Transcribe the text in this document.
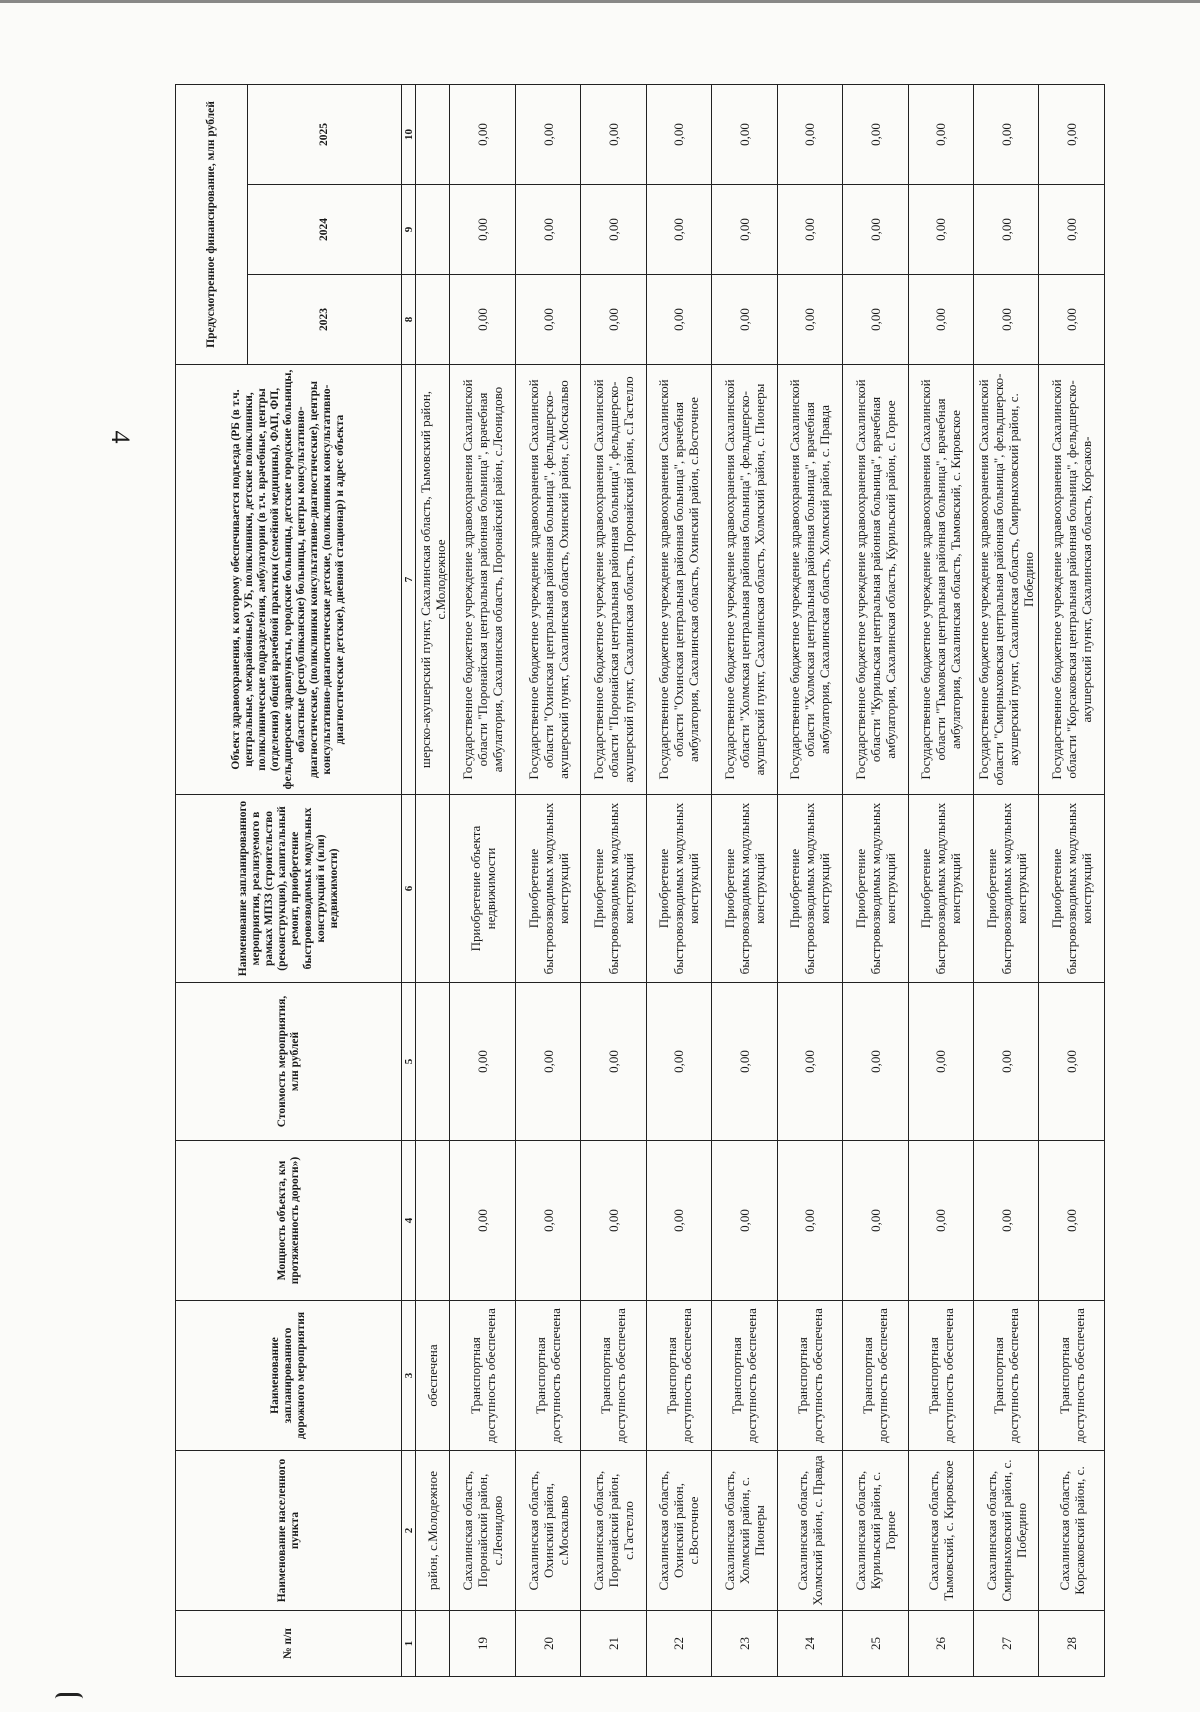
4
№ п/п	Наименование населенного пункта	Наименование запланированного дорожного мероприятия	Мощность объекта, км протяженность дороги»)	Стоимость мероприятия, млн рублей	Наименование запланированного мероприятия, реализуемого в рамках МПЗЗ (строительство (реконструкция), капитальный ремонт, приобретение быстровозводимых модульных конструкций и (или) недвижимости)	Объект здравоохранения, к которому обеспечивается подъезда (РБ (в т.ч. центральные, межрайонные), УБ, поликлиники, детские поликлиники, поликлинические подразделения, амбулатории (в т.ч. врачебные, центры (отделения) общей врачебной практики (семейной медицины), ФАП, ФП, фельдшерские здравпункты, городские больницы, детские городские больницы, областные (республиканские) больницы, центры консультативно-диагностические, (поликлиники консультативно-диагностические), центры консультативно-диагностические детские, (поликлиники консультативно-диагностические детские), дневной стационар) и адрес объекта	Предусмотренное финансирование, млн рублей		
							2023	2024	2025
1	2	3	4	5	6	7	8	9	10
	район, с.Молодежное	обеспечена				шерско-акушерский пункт, Сахалинская область, Тымовский район, с.Молодежное			
19	Сахалинская область, Поронайский район, с.Леонидово	Транспортная доступность обеспечена	0,00	0,00	Приобретение объекта недвижимости	Государственное бюджетное учреждение здравоохранения Сахалинской области "Поронайская центральная районная больница", врачебная амбулатория, Сахалинская область, Поронайский район, с.Леонидово	0,00	0,00	0,00
20	Сахалинская область, Охинский район, с.Москальво	Транспортная доступность обеспечена	0,00	0,00	Приобретение быстровозводимых модульных конструкций	Государственное бюджетное учреждение здравоохранения Сахалинской области "Охинская центральная районная больница", фельдшерско-акушерский пункт, Сахалинская область, Охинский район, с.Москальво	0,00	0,00	0,00
21	Сахалинская область, Поронайский район, с.Гастелло	Транспортная доступность обеспечена	0,00	0,00	Приобретение быстровозводимых модульных конструкций	Государственное бюджетное учреждение здравоохранения Сахалинской области "Поронайская центральная районная больница", фельдшерско-акушерский пункт, Сахалинская область, Поронайский район, с.Гастелло	0,00	0,00	0,00
22	Сахалинская область, Охинский район, с.Восточное	Транспортная доступность обеспечена	0,00	0,00	Приобретение быстровозводимых модульных конструкций	Государственное бюджетное учреждение здравоохранения Сахалинской области "Охинская центральная районная больница", врачебная амбулатория, Сахалинская область, Охинский район, с.Восточное	0,00	0,00	0,00
23	Сахалинская область, Холмский район, с. Пионеры	Транспортная доступность обеспечена	0,00	0,00	Приобретение быстровозводимых модульных конструкций	Государственное бюджетное учреждение здравоохранения Сахалинской области "Холмская центральная районная больница", фельдшерско-акушерский пункт, Сахалинская область, Холмский район, с. Пионеры	0,00	0,00	0,00
24	Сахалинская область, Холмский район, с. Правда	Транспортная доступность обеспечена	0,00	0,00	Приобретение быстровозводимых модульных конструкций	Государственное бюджетное учреждение здравоохранения Сахалинской области "Холмская центральная районная больница", врачебная амбулатория, Сахалинская область, Холмский район, с. Правда	0,00	0,00	0,00
25	Сахалинская область, Курильский район, с. Горное	Транспортная доступность обеспечена	0,00	0,00	Приобретение быстровозводимых модульных конструкций	Государственное бюджетное учреждение здравоохранения Сахалинской области "Курильская центральная районная больница", врачебная амбулатория, Сахалинская область, Курильский район, с. Горное	0,00	0,00	0,00
26	Сахалинская область, Тымовский, с. Кировское	Транспортная доступность обеспечена	0,00	0,00	Приобретение быстровозводимых модульных конструкций	Государственное бюджетное учреждение здравоохранения Сахалинской области "Тымовская центральная районная больница", врачебная амбулатория, Сахалинская область, Тымовский, с. Кировское	0,00	0,00	0,00
27	Сахалинская область, Смирныховский район, с. Победино	Транспортная доступность обеспечена	0,00	0,00	Приобретение быстровозводимых модульных конструкций	Государственное бюджетное учреждение здравоохранения Сахалинской области "Смирныховская центральная районная больница", фельдшерско-акушерский пункт, Сахалинская область, Смирныховский район, с. Победино	0,00	0,00	0,00
28	Сахалинская область, Корсаковский район, с.	Транспортная доступность обеспечена	0,00	0,00	Приобретение быстровозводимых модульных конструкций	Государственное бюджетное учреждение здравоохранения Сахалинской области "Корсаковская центральная районная больница", фельдшерско-акушерский пункт, Сахалинская область, Корсаков-	0,00	0,00	0,00
